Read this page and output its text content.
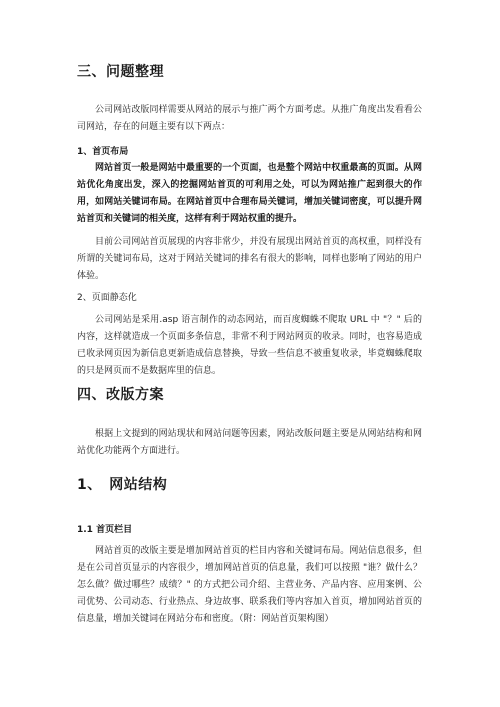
三、问题整理

公司网站改版同样需要从网站的展示与推广两个方面考虑。从推广角度出发看看公司网站，存在的问题主要有以下两点：

1、首页布局

网站首页一般是网站中最重要的一个页面，也是整个网站中权重最高的页面。从网站优化角度出发，深入的挖掘网站首页的可利用之处，可以为网站推广起到很大的作用，如网站关键词布局。在网站首页中合理布局关键词，增加关键词密度，可以提升网站首页和关键词的相关度，这样有利于网站权重的提升。

目前公司网站首页展现的内容非常少，并没有展现出网站首页的高权重，同样没有所谓的关键词布局，这对于网站关键词的排名有很大的影响，同样也影响了网站的用户体验。

2、页面静态化

公司网站是采用.asp 语言制作的动态网站，而百度蜘蛛不爬取 URL 中 "？" 后的内容，这样就造成一个页面多条信息，非常不利于网站网页的收录。同时，也容易造成已收录网页因为新信息更新造成信息替换，导致一些信息不被重复收录，毕竟蜘蛛爬取的只是网页而不是数据库里的信息。

四、改版方案

根据上文提到的网站现状和网站问题等因素，网站改版问题主要是从网站结构和网站优化功能两个方面进行。

1、　网站结构
1.1 首页栏目

网站首页的改版主要是增加网站首页的栏目内容和关键词布局。网站信息很多，但是在公司首页显示的内容很少，增加网站首页的信息量，我们可以按照 "谁？做什么？怎么做？做过哪些？成绩？" 的方式把公司介绍、主营业务、产品内容、应用案例、公司优势、公司动态、行业热点、身边故事、联系我们等内容加入首页，增加网站首页的信息量，增加关键词在网站分布和密度。（附：网站首页架构图）
